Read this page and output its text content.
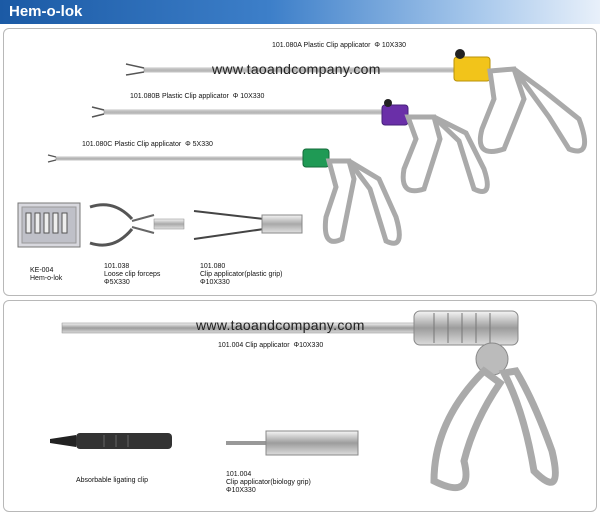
Hem-o-lok
101.080A Plastic Clip applicator Φ 10X330
101.080B Plastic Clip applicator Φ 10X330
101.080C Plastic Clip applicator Φ 5X330
www.taoandcompany.com
KE-004
Hem-o-lok
101.038
Loose clip forceps
Φ5X330
101.080
Clip applicator(plastic grip)
Φ10X330
www.taoandcompany.com
101.004 Clip applicator Φ10X330
Absorbable ligating clip
101.004
Clip applicator(biology grip)
Φ10X330
